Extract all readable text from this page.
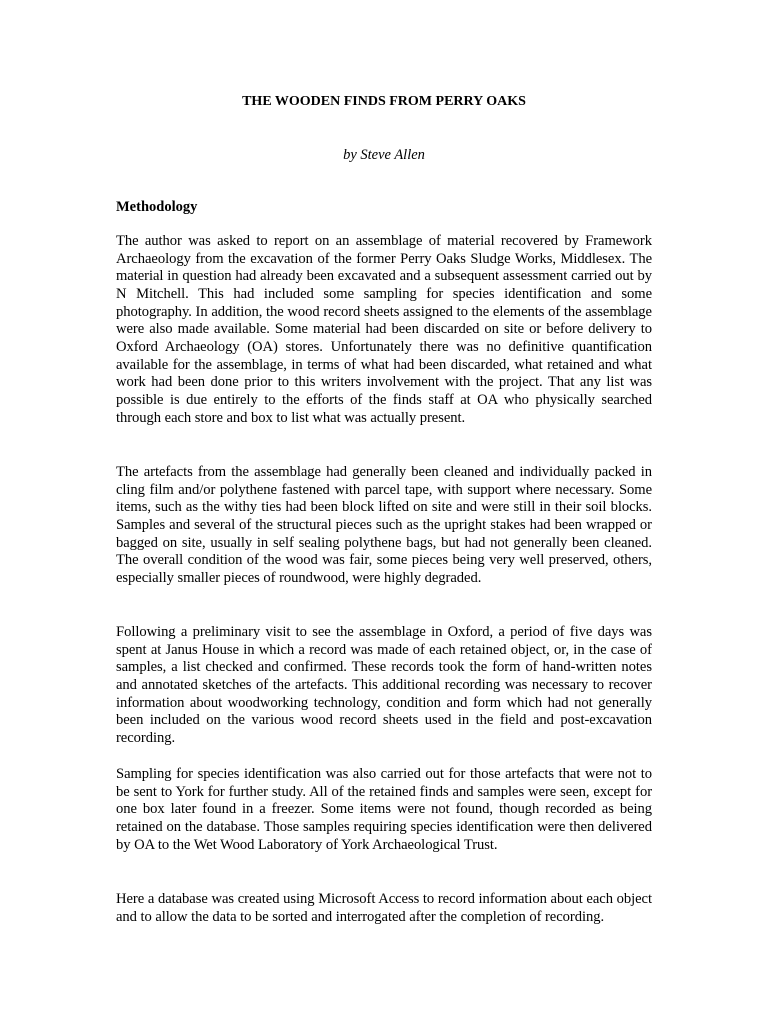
THE WOODEN FINDS FROM PERRY OAKS

by Steve Allen

Methodology

The author was asked to report on an assemblage of material recovered by Framework Archaeology from the excavation of the former Perry Oaks Sludge Works, Middlesex. The material in question had already been excavated and a subsequent assessment carried out by N Mitchell. This had included some sampling for species identification and some photography. In addition, the wood record sheets assigned to the elements of the assemblage were also made available. Some material had been discarded on site or before delivery to Oxford Archaeology (OA) stores. Unfortunately there was no definitive quantification available for the assemblage, in terms of what had been discarded, what retained and what work had been done prior to this writers involvement with the project. That any list was possible is due entirely to the efforts of the finds staff at OA who physically searched through each store and box to list what was actually present.

The artefacts from the assemblage had generally been cleaned and individually packed in cling film and/or polythene fastened with parcel tape, with support where necessary. Some items, such as the withy ties had been block lifted on site and were still in their soil blocks. Samples and several of the structural pieces such as the upright stakes had been wrapped or bagged on site, usually in self sealing polythene bags, but had not generally been cleaned. The overall condition of the wood was fair, some pieces being very well preserved, others, especially smaller pieces of roundwood, were highly degraded.

Following a preliminary visit to see the assemblage in Oxford, a period of five days was spent at Janus House in which a record was made of each retained object, or, in the case of samples, a list checked and confirmed. These records took the form of hand-written notes and annotated sketches of the artefacts. This additional recording was necessary to recover information about woodworking technology, condition and form which had not generally been included on the various wood record sheets used in the field and post-excavation recording.

Sampling for species identification was also carried out for those artefacts that were not to be sent to York for further study. All of the retained finds and samples were seen, except for one box later found in a freezer. Some items were not found, though recorded as being retained on the database. Those samples requiring species identification were then delivered by OA to the Wet Wood Laboratory of York Archaeological Trust.

Here a database was created using Microsoft Access to record information about each object and to allow the data to be sorted and interrogated after the completion of recording.
